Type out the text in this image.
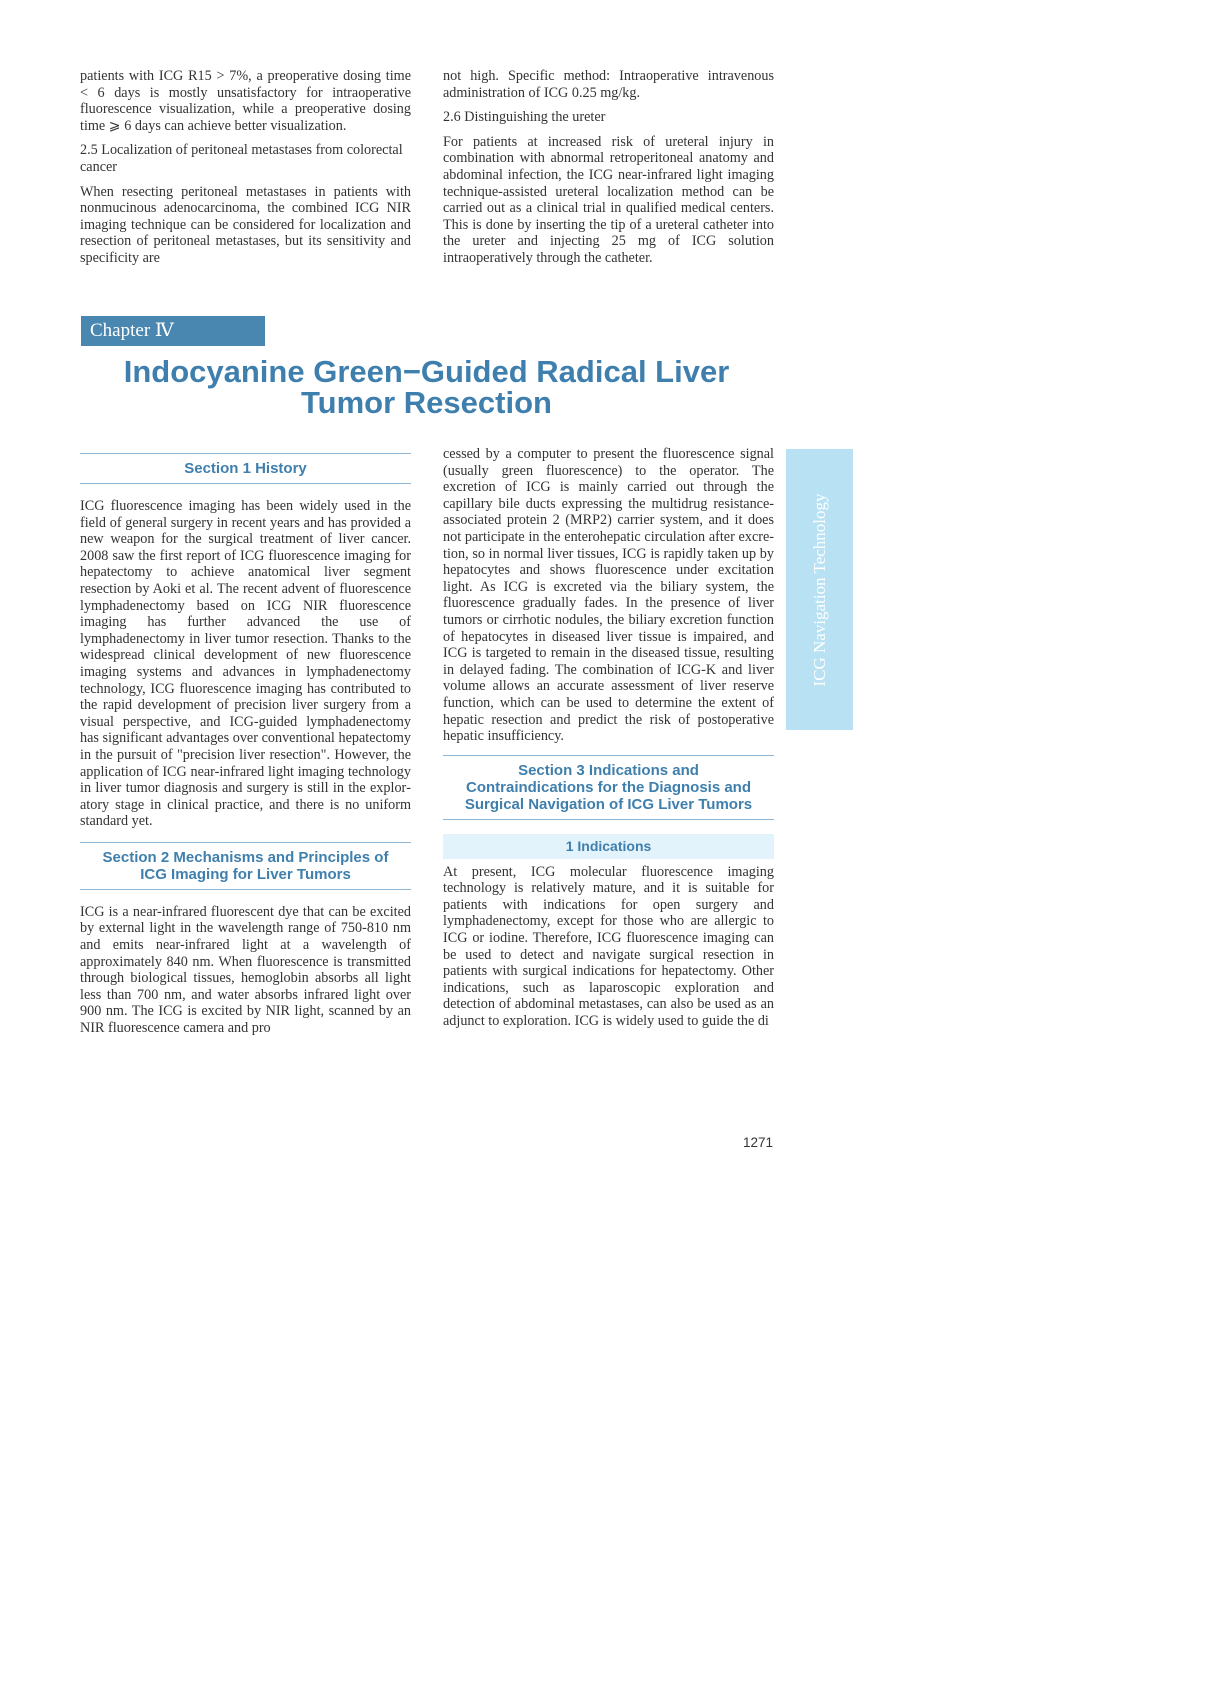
patients with ICG R15 > 7%, a preoperative dosing time < 6 days is mostly unsatisfactory for intraoperative fluorescence visualization, while a preoperative dosing time ⩾ 6 days can achieve better visualization.

2.5 Localization of peritoneal metastases from colorectal cancer

When resecting peritoneal metastases in patients with nonmucinous adenocarcinoma, the combined ICG NIR imaging technique can be considered for localization and resection of peritoneal metastases, but its sensitivity and specificity are

not high. Specific method: Intraoperative intravenous administration of ICG 0.25 mg/kg.

2.6 Distinguishing the ureter

For patients at increased risk of ureteral injury in combination with abnormal retroperitoneal anatomy and abdominal infection, the ICG near-infrared light imaging technique-assisted ureteral localization method can be carried out as a clinical trial in qualified medical centers. This is done by inserting the tip of a ureteral catheter into the ureter and injecting 25 mg of ICG solution intraoperatively through the catheter.

Chapter Ⅳ
Indocyanine Green−Guided Radical Liver
Tumor Resection
Section 1 History

ICG fluorescence imaging has been widely used in the field of general surgery in recent years and has provided a new weapon for the surgical treatment of liver cancer. 2008 saw the first report of ICG fluorescence imaging for hepatectomy to achieve anatomical liver segment resection by Aoki et al. The recent advent of fluorescence lymphadenectomy based on ICG NIR fluorescence imaging has further advanced the use of lymphadenectomy in liver tumor resection. Thanks to the widespread clinical development of new fluorescence imaging systems and advances in lymphadenectomy technology, ICG fluorescence imaging has contributed to the rapid development of precision liver surgery from a visual perspective, and ICG-guided lymphadenectomy has significant advantages over conventional hepatectomy in the pursuit of "precision liver resection". However, the application of ICG near-infrared light imaging technology in liver tumor diagnosis and surgery is still in the exploratory stage in clinical practice, and there is no uniform standard yet.

Section 2 Mechanisms and Principles of
ICG Imaging for Liver Tumors

ICG is a near-infrared fluorescent dye that can be excited by external light in the wavelength range of 750-810 nm and emits near-infrared light at a wavelength of approximately 840 nm. When fluorescence is transmitted through biological tissues, hemoglobin absorbs all light less than 700 nm, and water absorbs infrared light over 900 nm. The ICG is excited by NIR light, scanned by an NIR fluorescence camera and pro

cessed by a computer to present the fluorescence signal (usually green fluorescence) to the operator. The excretion of ICG is mainly carried out through the capillary bile ducts expressing the multidrug resistance-associated protein 2 (MRP2) carrier system, and it does not participate in the enterohepatic circulation after excretion, so in normal liver tissues, ICG is rapidly taken up by hepatocytes and shows fluorescence under excitation light. As ICG is excreted via the biliary system, the fluorescence gradually fades. In the presence of liver tumors or cirrhotic nodules, the biliary excretion function of hepatocytes in diseased liver tissue is impaired, and ICG is targeted to remain in the diseased tissue, resulting in delayed fading. The combination of ICG-K and liver volume allows an accurate assessment of liver reserve function, which can be used to determine the extent of hepatic resection and predict the risk of postoperative hepatic insufficiency.

Section 3 Indications and
Contraindications for the Diagnosis and
Surgical Navigation of ICG Liver Tumors
1 Indications

At present, ICG molecular fluorescence imaging technology is relatively mature, and it is suitable for patients with indications for open surgery and lymphadenectomy, except for those who are allergic to ICG or iodine. Therefore, ICG fluorescence imaging can be used to detect and navigate surgical resection in patients with surgical indications for hepatectomy. Other indications, such as laparoscopic exploration and detection of abdominal metastases, can also be used as an adjunct to exploration. ICG is widely used to guide the di

ICG Navigation Technology
1271
